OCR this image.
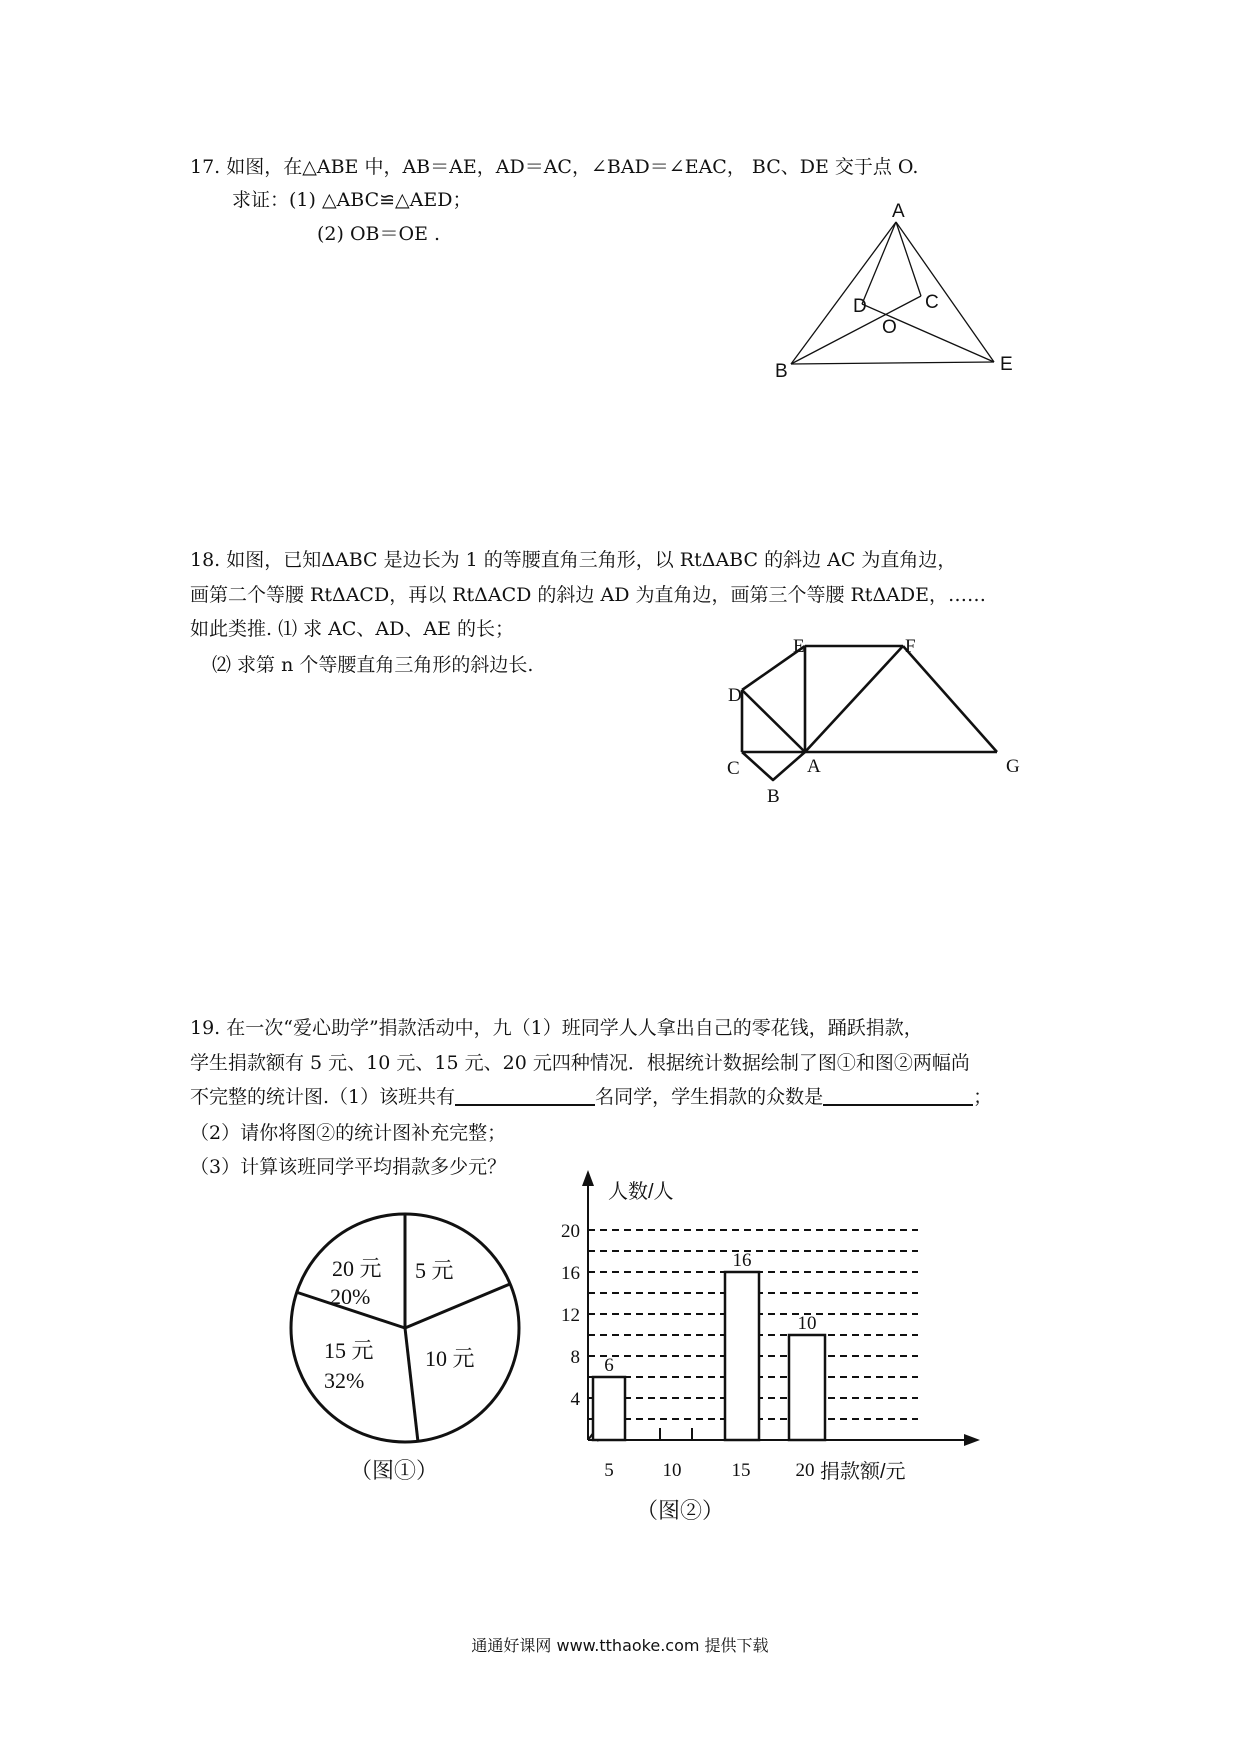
17. 如图，在△ABE 中，AB＝AE，AD＝AC，∠BAD＝∠EAC， BC、DE 交于点 O.
求证：(1) △ABC≌△AED；
(2) OB＝OE .
A
B
C
D
E
O
18. 如图，已知ΔABC 是边长为 1 的等腰直角三角形，以 RtΔABC 的斜边 AC 为直角边，
画第二个等腰 RtΔACD，再以 RtΔACD 的斜边 AD 为直角边，画第三个等腰 RtΔADE，……
如此类推. ⑴ 求 AC、AD、AE 的长；
⑵ 求第 n 个等腰直角三角形的斜边长.
A
B
C
D
E	F
G
19. 在一次“爱心助学”捐款活动中，九（1）班同学人人拿出自己的零花钱，踊跃捐款，
学生捐款额有 5 元、10 元、15 元、20 元四种情况．根据统计数据绘制了图①和图②两幅尚
不完整的统计图.（1）该班共有	名同学，学生捐款的众数是	；
（2）请你将图②的统计图补充完整；
（3）计算该班同学平均捐款多少元？
20 元
20%
5 元
15 元
32%
10 元
（图①）
4
8
12
16
20
6
16
10
5	10	15 20
人数/人
捐款额/元
（图②）
通通好课网 www.tthaoke.com 提供下载
